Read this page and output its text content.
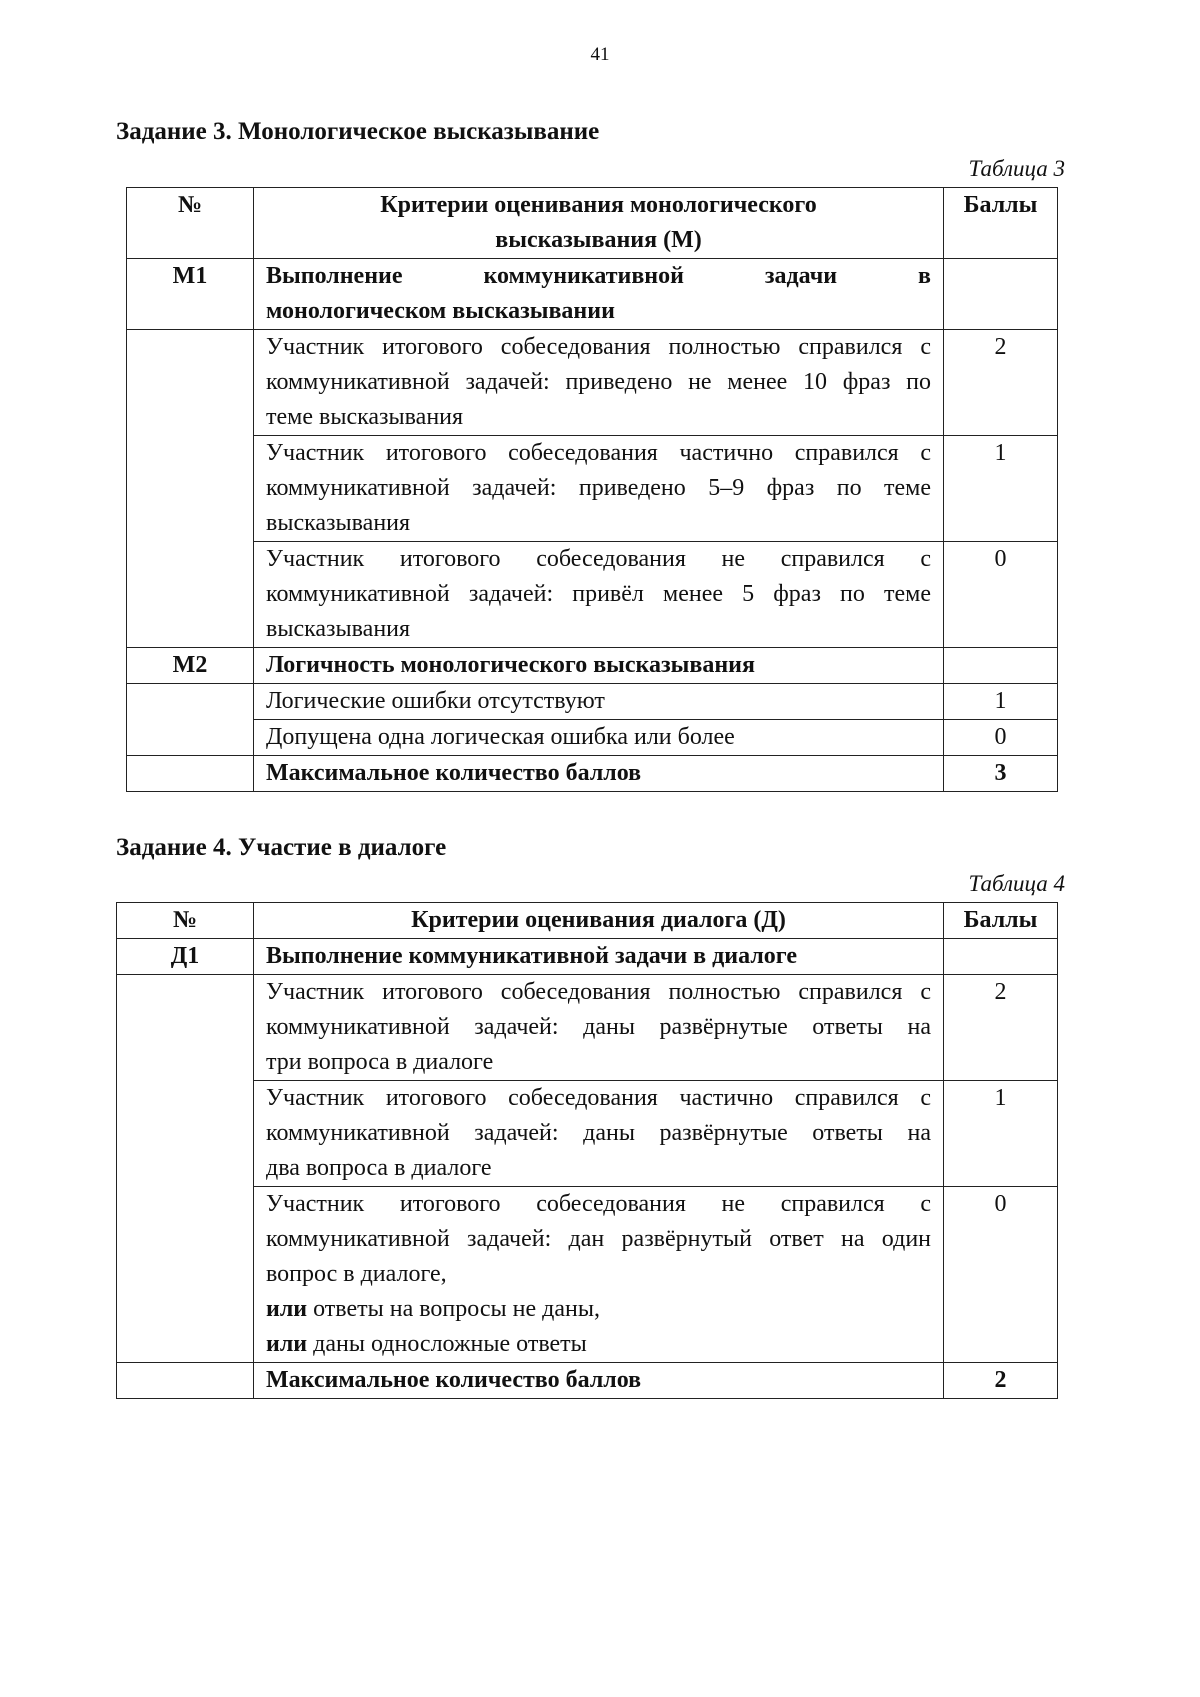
41
Задание 3. Монологическое высказывание
Таблица 3
№	Критерии оценивания монологического
высказывания (М)	Баллы
М1	Выполнение коммуникативной задачи в
монологическом высказывании	

	Участник итогового собеседования полностью справился с
коммуникативной задачей: приведено не менее 10 фраз по
теме высказывания	2

	Участник итогового собеседования частично справился с
коммуникативной задачей: приведено 5–9 фраз по теме
высказывания	1

	Участник итогового собеседования не справился с
коммуникативной задачей: привёл менее 5 фраз по теме
высказывания	0
М2	Логичность монологического высказывания	
	Логические ошибки отсутствуют	1
	Допущена одна логическая ошибка или более	0
	Максимальное количество баллов	3
Задание 4. Участие в диалоге
Таблица 4
№	Критерии оценивания диалога (Д)	Баллы
Д1	Выполнение коммуникативной задачи в диалоге	

	Участник итогового собеседования полностью справился с
коммуникативной задачей: даны развёрнутые ответы на
три вопроса в диалоге	2

	Участник итогового собеседования частично справился с
коммуникативной задачей: даны развёрнутые ответы на
два вопроса в диалоге	1

	Участник итогового собеседования не справился с
коммуникативной задачей: дан развёрнутый ответ на один
вопрос в диалоге,
или ответы на вопросы не даны,
или даны односложные ответы	0
	Максимальное количество баллов	2
